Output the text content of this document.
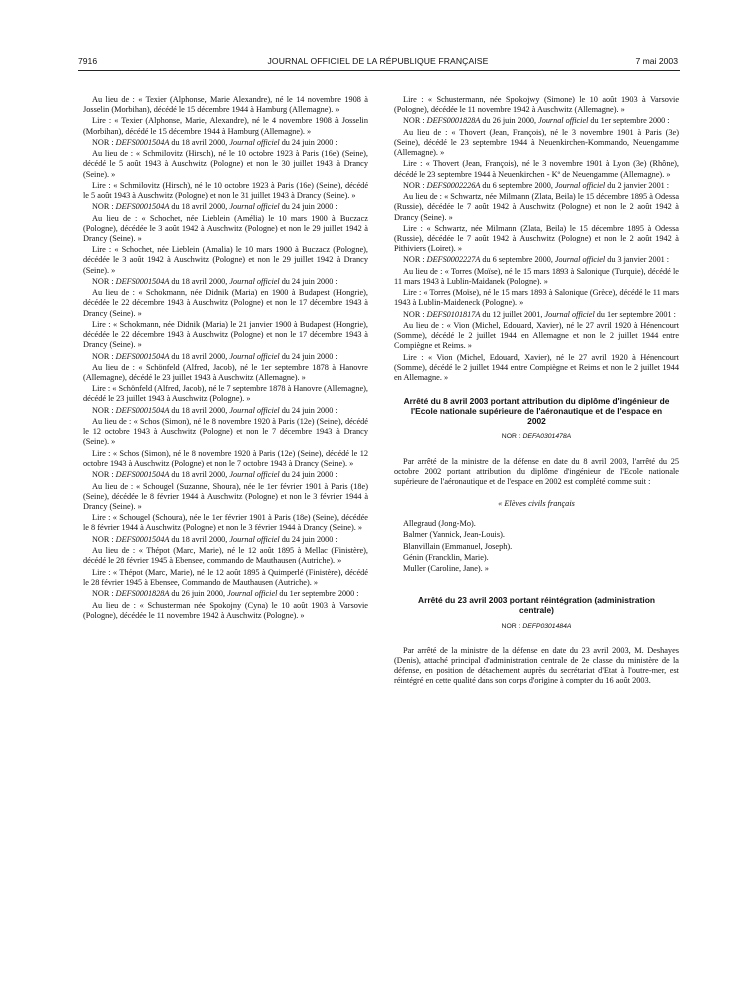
7916	JOURNAL OFFICIEL DE LA RÉPUBLIQUE FRANÇAISE	7 mai 2003

Au lieu de : « Texier (Alphonse, Marie Alexandre), né le 14 novembre 1908 à Josselin (Morbihan), décédé le 15 décembre 1944 à Hamburg (Allemagne). »

Lire : « Texier (Alphonse, Marie, Alexandre), né le 4 novembre 1908 à Josselin (Morbihan), décédé le 15 décembre 1944 à Hamburg (Allemagne). »

NOR : DEFS0001504A du 18 avril 2000, Journal officiel du 24 juin 2000 :

Au lieu de : « Schmilovitz (Hirsch), né le 10 octobre 1923 à Paris (16e) (Seine), décédé le 5 août 1943 à Auschwitz (Pologne) et non le 30 juillet 1943 à Drancy (Seine). »

Lire : « Schmilovitz (Hirsch), né le 10 octobre 1923 à Paris (16e) (Seine), décédé le 5 août 1943 à Auschwitz (Pologne) et non le 31 juillet 1943 à Drancy (Seine). »

NOR : DEFS0001504A du 18 avril 2000, Journal officiel du 24 juin 2000 :

Au lieu de : « Schochet, née Lieblein (Amélia) le 10 mars 1900 à Buczacz (Pologne), décédée le 3 août 1942 à Auschwitz (Pologne) et non le 29 juillet 1942 à Drancy (Seine). »

Lire : « Schochet, née Lieblein (Amalia) le 10 mars 1900 à Buczacz (Pologne), décédée le 3 août 1942 à Auschwitz (Pologne) et non le 29 juillet 1942 à Drancy (Seine). »

NOR : DEFS0001504A du 18 avril 2000, Journal officiel du 24 juin 2000 :

Au lieu de : « Schokmann, née Didnik (Maria) en 1900 à Budapest (Hongrie), décédée le 22 décembre 1943 à Auschwitz (Pologne) et non le 17 décembre 1943 à Drancy (Seine). »

Lire : « Schokmann, née Didnik (Maria) le 21 janvier 1900 à Budapest (Hongrie), décédée le 22 décembre 1943 à Auschwitz (Pologne) et non le 17 décembre 1943 à Drancy (Seine). »

NOR : DEFS0001504A du 18 avril 2000, Journal officiel du 24 juin 2000 :

Au lieu de : « Schönfeld (Alfred, Jacob), né le 1er septembre 1878 à Hanovre (Allemagne), décédé le 23 juillet 1943 à Auschwitz (Allemagne). »

Lire : « Schönfeld (Alfred, Jacob), né le 7 septembre 1878 à Hanovre (Allemagne), décédé le 23 juillet 1943 à Auschwitz (Pologne). »

NOR : DEFS0001504A du 18 avril 2000, Journal officiel du 24 juin 2000 :

Au lieu de : « Schos (Simon), né le 8 novembre 1920 à Paris (12e) (Seine), décédé le 12 octobre 1943 à Auschwitz (Pologne) et non le 7 décembre 1943 à Drancy (Seine). »

Lire : « Schos (Simon), né le 8 novembre 1920 à Paris (12e) (Seine), décédé le 12 octobre 1943 à Auschwitz (Pologne) et non le 7 octobre 1943 à Drancy (Seine). »

NOR : DEFS0001504A du 18 avril 2000, Journal officiel du 24 juin 2000 :

Au lieu de : « Schougel (Suzanne, Shoura), née le 1er février 1901 à Paris (18e) (Seine), décédée le 8 février 1944 à Auschwitz (Pologne) et non le 3 février 1944 à Drancy (Seine). »

Lire : « Schougel (Schoura), née le 1er février 1901 à Paris (18e) (Seine), décédée le 8 février 1944 à Auschwitz (Pologne) et non le 3 février 1944 à Drancy (Seine). »

NOR : DEFS0001504A du 18 avril 2000, Journal officiel du 24 juin 2000 :

Au lieu de : « Thépot (Marc, Marie), né le 12 août 1895 à Mellac (Finistère), décédé le 28 février 1945 à Ebensee, commando de Mauthausen (Autriche). »

Lire : « Thépot (Marc, Marie), né le 12 août 1895 à Quimperlé (Finistère), décédé le 28 février 1945 à Ebensee, Commando de Mauthausen (Autriche). »

NOR : DEFS0001828A du 26 juin 2000, Journal officiel du 1er septembre 2000 :

Au lieu de : « Schusterman née Spokojny (Cyna) le 10 août 1903 à Varsovie (Pologne), décédée le 11 novembre 1942 à Auschwitz (Pologne). »

Lire : « Schustermann, née Spokojwy (Simone) le 10 août 1903 à Varsovie (Pologne), décédée le 11 novembre 1942 à Auschwitz (Allemagne). »

NOR : DEFS0001828A du 26 juin 2000, Journal officiel du 1er septembre 2000 :

Au lieu de : « Thovert (Jean, François), né le 3 novembre 1901 à Paris (3e) (Seine), décédé le 23 septembre 1944 à Neuenkirchen-Kommando, Neuengamme (Allemagne). »

Lire : « Thovert (Jean, François), né le 3 novembre 1901 à Lyon (3e) (Rhône), décédé le 23 septembre 1944 à Neuenkirchen - Kº de Neuengamme (Allemagne). »

NOR : DEFS0002226A du 6 septembre 2000, Journal officiel du 2 janvier 2001 :

Au lieu de : « Schwartz, née Milmann (Zlata, Beila) le 15 décembre 1895 à Odessa (Russie), décédée le 7 août 1942 à Auschwitz (Pologne) et non le 2 août 1942 à Drancy (Seine). »

Lire : « Schwartz, née Milmann (Zlata, Beila) le 15 décembre 1895 à Odessa (Russie), décédée le 7 août 1942 à Auschwitz (Pologne) et non le 2 août 1942 à Pithiviers (Loiret). »

NOR : DEFS0002227A du 6 septembre 2000, Journal officiel du 3 janvier 2001 :

Au lieu de : « Torres (Moïse), né le 15 mars 1893 à Salonique (Turquie), décédé le 11 mars 1943 à Lublin-Maidanek (Pologne). »

Lire : « Torres (Moïse), né le 15 mars 1893 à Salonique (Grèce), décédé le 11 mars 1943 à Lublin-Maideneck (Pologne). »

NOR : DEFS0101817A du 12 juillet 2001, Journal officiel du 1er septembre 2001 :

Au lieu de : « Vion (Michel, Edouard, Xavier), né le 27 avril 1920 à Hénencourt (Somme), décédé le 2 juillet 1944 en Allemagne et non le 2 juillet 1944 entre Compiègne et Reims. »

Lire : « Vion (Michel, Edouard, Xavier), né le 27 avril 1920 à Hénencourt (Somme), décédé le 2 juillet 1944 entre Compiègne et Reims et non le 2 juillet 1944 en Allemagne. »

Arrêté du 8 avril 2003 portant attribution du diplôme d'ingénieur de l'Ecole nationale supérieure de l'aéronautique et de l'espace en 2002
NOR : DEFA0301478A

Par arrêté de la ministre de la défense en date du 8 avril 2003, l'arrêté du 25 octobre 2002 portant attribution du diplôme d'ingénieur de l'Ecole nationale supérieure de l'aéronautique et de l'espace en 2002 est complété comme suit :

« Elèves civils français
Allegraud (Jong-Mo).
Balmer (Yannick, Jean-Louis).
Blanvillain (Emmanuel, Joseph).
Génin (Francklin, Marie).
Muller (Caroline, Jane). »
Arrêté du 23 avril 2003 portant réintégration (administration centrale)
NOR : DEFP0301484A

Par arrêté de la ministre de la défense en date du 23 avril 2003, M. Deshayes (Denis), attaché principal d'administration centrale de 2e classe du ministère de la défense, en position de détachement auprès du secrétariat d'Etat à l'outre-mer, est réintégré en cette qualité dans son corps d'origine à compter du 16 août 2003.
